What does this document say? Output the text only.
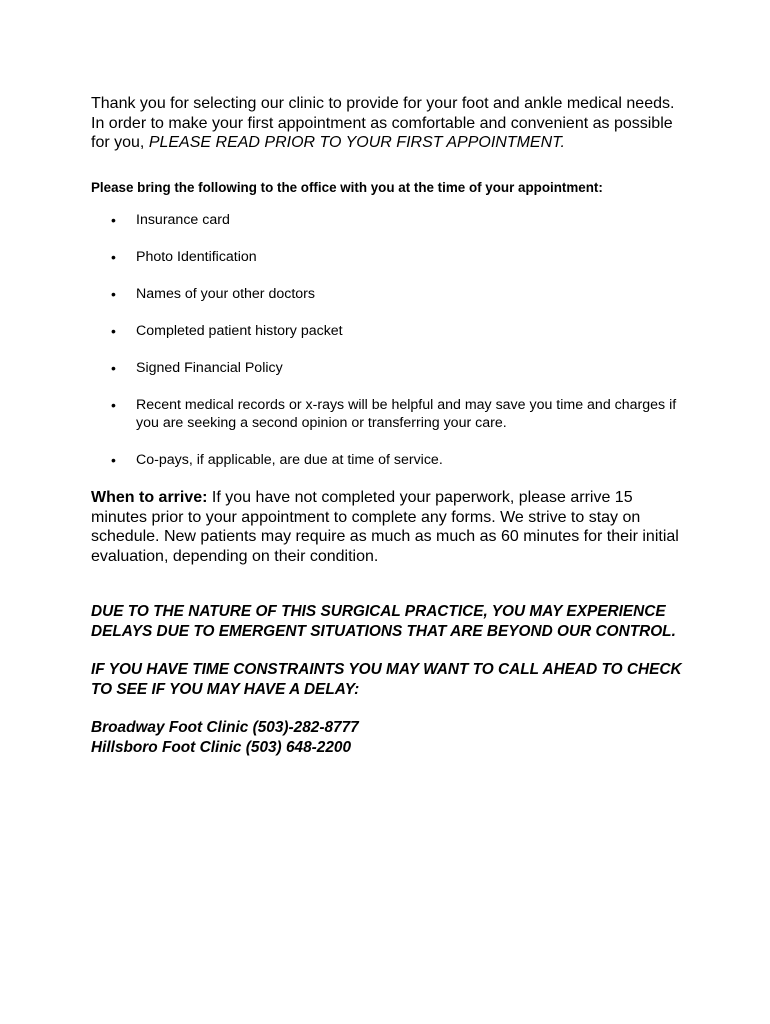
Thank you for selecting our clinic to provide for your foot and ankle medical needs. In order to make your first appointment as comfortable and convenient as possible for you, PLEASE READ PRIOR TO YOUR FIRST APPOINTMENT.

Please bring the following to the office with you at the time of your appointment:

• Insurance card
• Photo Identification
• Names of your other doctors
• Completed patient history packet
• Signed Financial Policy
• Recent medical records or x-rays will be helpful and may save you time and charges if you are seeking a second opinion or transferring your care.
• Co-pays, if applicable, are due at time of service.

When to arrive: If you have not completed your paperwork, please arrive 15 minutes prior to your appointment to complete any forms. We strive to stay on schedule. New patients may require as much as much as 60 minutes for their initial evaluation, depending on their condition.

DUE TO THE NATURE OF THIS SURGICAL PRACTICE, YOU MAY EXPERIENCE DELAYS DUE TO EMERGENT SITUATIONS THAT ARE BEYOND OUR CONTROL.

IF YOU HAVE TIME CONSTRAINTS YOU MAY WANT TO CALL AHEAD TO CHECK TO SEE IF YOU MAY HAVE A DELAY:

Broadway Foot Clinic (503)-282-8777

Hillsboro Foot Clinic (503) 648-2200
